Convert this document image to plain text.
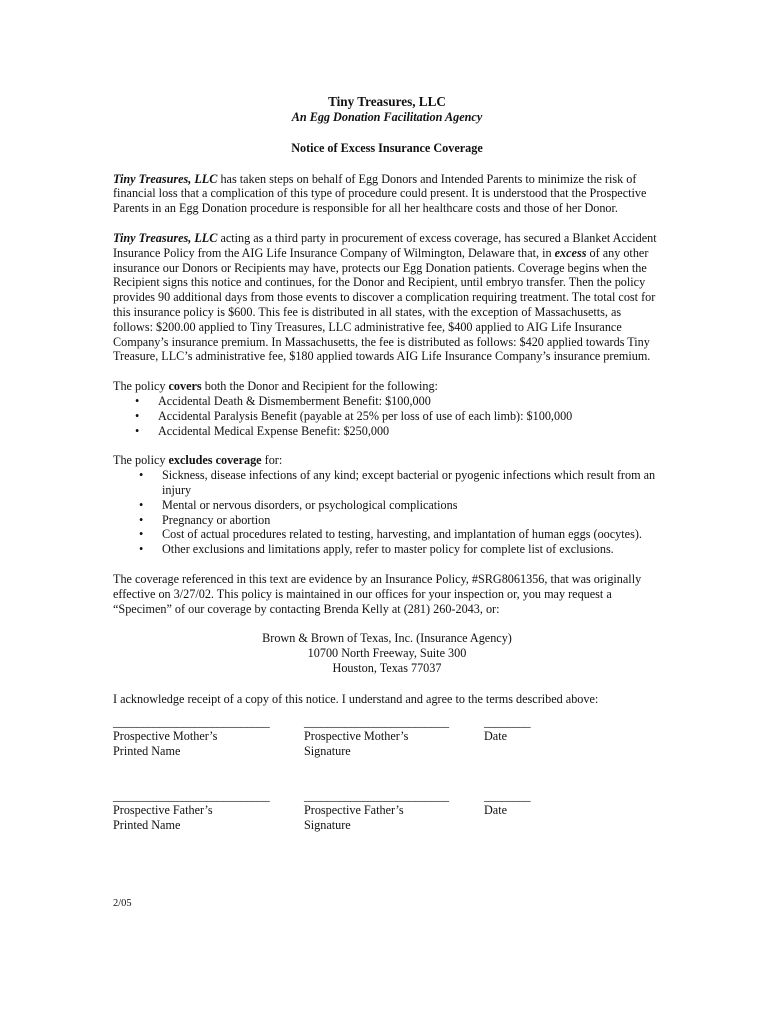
Tiny Treasures, LLC

An Egg Donation Facilitation Agency

Notice of Excess Insurance Coverage

Tiny Treasures, LLC has taken steps on behalf of Egg Donors and Intended Parents to minimize the risk of financial loss that a complication of this type of procedure could present. It is understood that the Prospective Parents in an Egg Donation procedure is responsible for all her healthcare costs and those of her Donor.

Tiny Treasures, LLC acting as a third party in procurement of excess coverage, has secured a Blanket Accident Insurance Policy from the AIG Life Insurance Company of Wilmington, Delaware that, in excess of any other insurance our Donors or Recipients may have, protects our Egg Donation patients. Coverage begins when the Recipient signs this notice and continues, for the Donor and Recipient, until embryo transfer. Then the policy provides 90 additional days from those events to discover a complication requiring treatment. The total cost for this insurance policy is $600. This fee is distributed in all states, with the exception of Massachusetts, as follows: $200.00 applied to Tiny Treasures, LLC administrative fee, $400 applied to AIG Life Insurance Company’s insurance premium. In Massachusetts, the fee is distributed as follows: $420 applied towards Tiny Treasure, LLC’s administrative fee, $180 applied towards AIG Life Insurance Company’s insurance premium.

The policy covers both the Donor and Recipient for the following:
• Accidental Death & Dismemberment Benefit: $100,000
• Accidental Paralysis Benefit (payable at 25% per loss of use of each limb): $100,000
• Accidental Medical Expense Benefit: $250,000
The policy excludes coverage for:
• Sickness, disease infections of any kind; except bacterial or pyogenic infections which result from an injury
• Mental or nervous disorders, or psychological complications
• Pregnancy or abortion
• Cost of actual procedures related to testing, harvesting, and implantation of human eggs (oocytes).
• Other exclusions and limitations apply, refer to master policy for complete list of exclusions.

The coverage referenced in this text are evidence by an Insurance Policy, #SRG8061356, that was originally effective on 3/27/02. This policy is maintained in our offices for your inspection or, you may request a “Specimen” of our coverage by contacting Brenda Kelly at (281) 260-2043, or:

Brown & Brown of Texas, Inc. (Insurance Agency)
10700 North Freeway, Suite 300
Houston, Texas 77037

I acknowledge receipt of a copy of this notice. I understand and agree to the terms described above:

___________________________
Prospective Mother’s
Printed Name
_________________________
Prospective Mother’s
Signature
________
Date
___________________________
Prospective Father’s
Printed Name
_________________________
Prospective Father’s
Signature
________
Date
2/05
